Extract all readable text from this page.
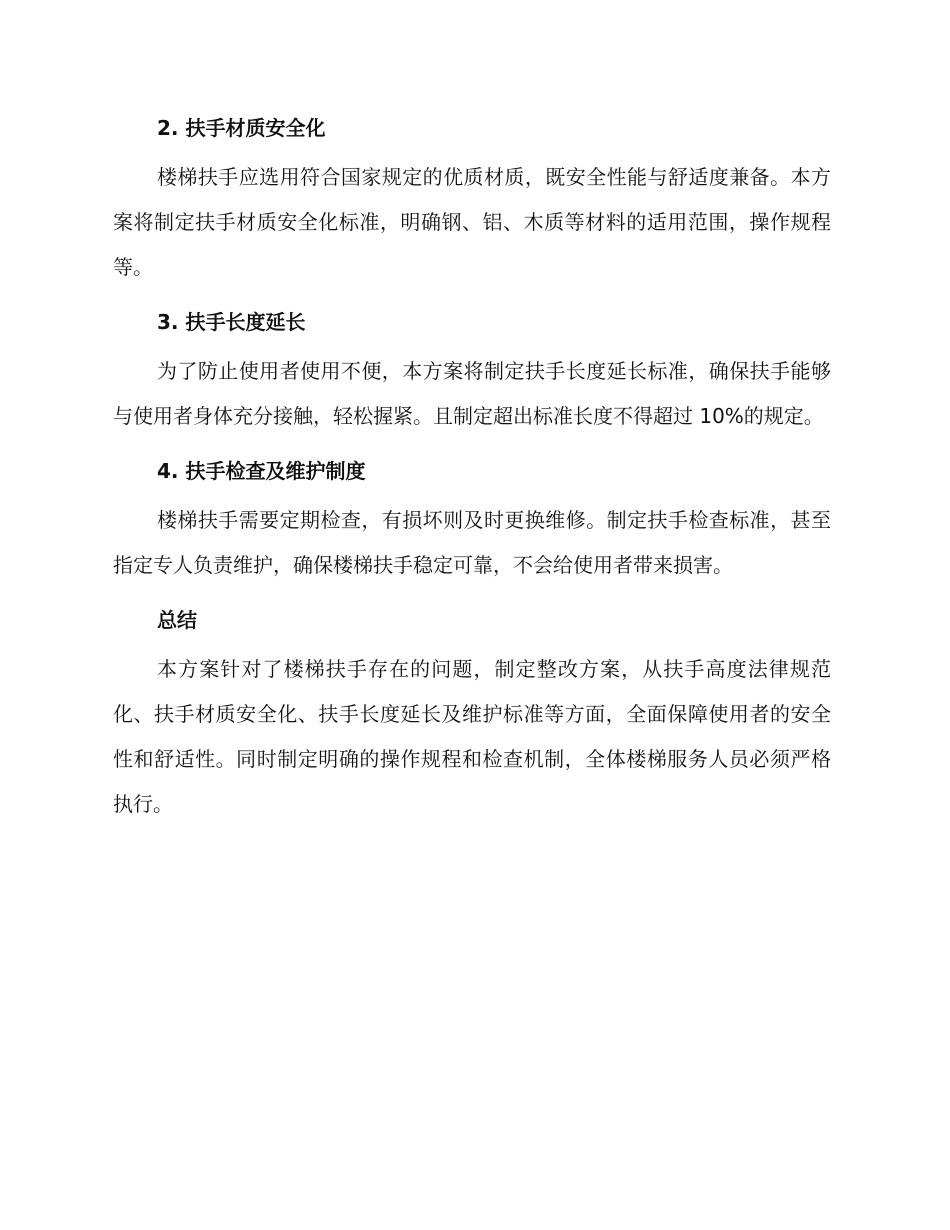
2. 扶手材质安全化

楼梯扶手应选用符合国家规定的优质材质，既安全性能与舒适度兼备。本方案将制定扶手材质安全化标准，明确钢、铝、木质等材料的适用范围，操作规程等。

3. 扶手长度延长

为了防止使用者使用不便，本方案将制定扶手长度延长标准，确保扶手能够与使用者身体充分接触，轻松握紧。且制定超出标准长度不得超过 10%的规定。

4. 扶手检查及维护制度

楼梯扶手需要定期检查，有损坏则及时更换维修。制定扶手检查标准，甚至指定专人负责维护，确保楼梯扶手稳定可靠，不会给使用者带来损害。

总结

本方案针对了楼梯扶手存在的问题，制定整改方案，从扶手高度法律规范化、扶手材质安全化、扶手长度延长及维护标准等方面，全面保障使用者的安全性和舒适性。同时制定明确的操作规程和检查机制，全体楼梯服务人员必须严格执行。
